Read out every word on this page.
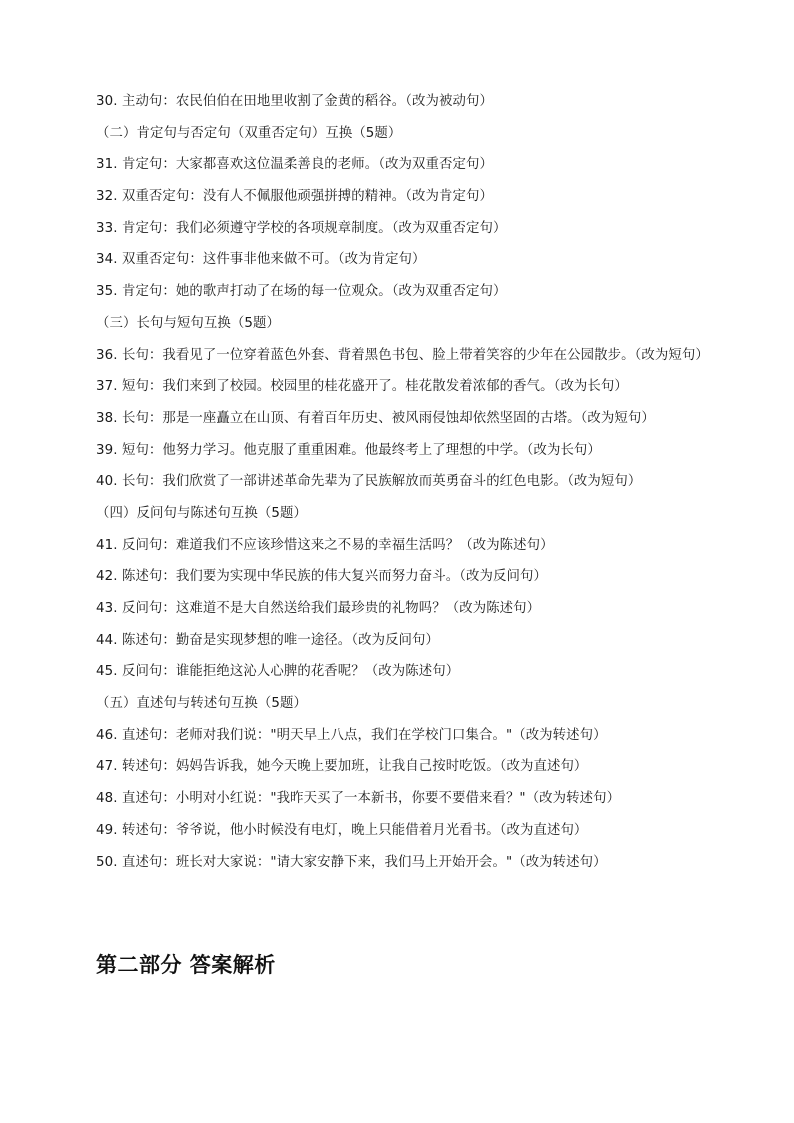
30. 主动句：农民伯伯在田地里收割了金黄的稻谷。（改为被动句）
（二）肯定句与否定句（双重否定句）互换（5题）
31. 肯定句：大家都喜欢这位温柔善良的老师。（改为双重否定句）
32. 双重否定句：没有人不佩服他顽强拼搏的精神。（改为肯定句）
33. 肯定句：我们必须遵守学校的各项规章制度。（改为双重否定句）
34. 双重否定句：这件事非他来做不可。（改为肯定句）
35. 肯定句：她的歌声打动了在场的每一位观众。（改为双重否定句）
（三）长句与短句互换（5题）
36. 长句：我看见了一位穿着蓝色外套、背着黑色书包、脸上带着笑容的少年在公园散步。（改为短句）
37. 短句：我们来到了校园。校园里的桂花盛开了。桂花散发着浓郁的香气。（改为长句）
38. 长句：那是一座矗立在山顶、有着百年历史、被风雨侵蚀却依然坚固的古塔。（改为短句）
39. 短句：他努力学习。他克服了重重困难。他最终考上了理想的中学。（改为长句）
40. 长句：我们欣赏了一部讲述革命先辈为了民族解放而英勇奋斗的红色电影。（改为短句）
（四）反问句与陈述句互换（5题）
41. 反问句：难道我们不应该珍惜这来之不易的幸福生活吗？（改为陈述句）
42. 陈述句：我们要为实现中华民族的伟大复兴而努力奋斗。（改为反问句）
43. 反问句：这难道不是大自然送给我们最珍贵的礼物吗？（改为陈述句）
44. 陈述句：勤奋是实现梦想的唯一途径。（改为反问句）
45. 反问句：谁能拒绝这沁人心脾的花香呢？（改为陈述句）
（五）直述句与转述句互换（5题）
46. 直述句：老师对我们说："明天早上八点，我们在学校门口集合。"（改为转述句）
47. 转述句：妈妈告诉我，她今天晚上要加班，让我自己按时吃饭。（改为直述句）
48. 直述句：小明对小红说："我昨天买了一本新书，你要不要借来看？"（改为转述句）
49. 转述句：爷爷说，他小时候没有电灯，晚上只能借着月光看书。（改为直述句）
50. 直述句：班长对大家说："请大家安静下来，我们马上开始开会。"（改为转述句）
第二部分 答案解析
